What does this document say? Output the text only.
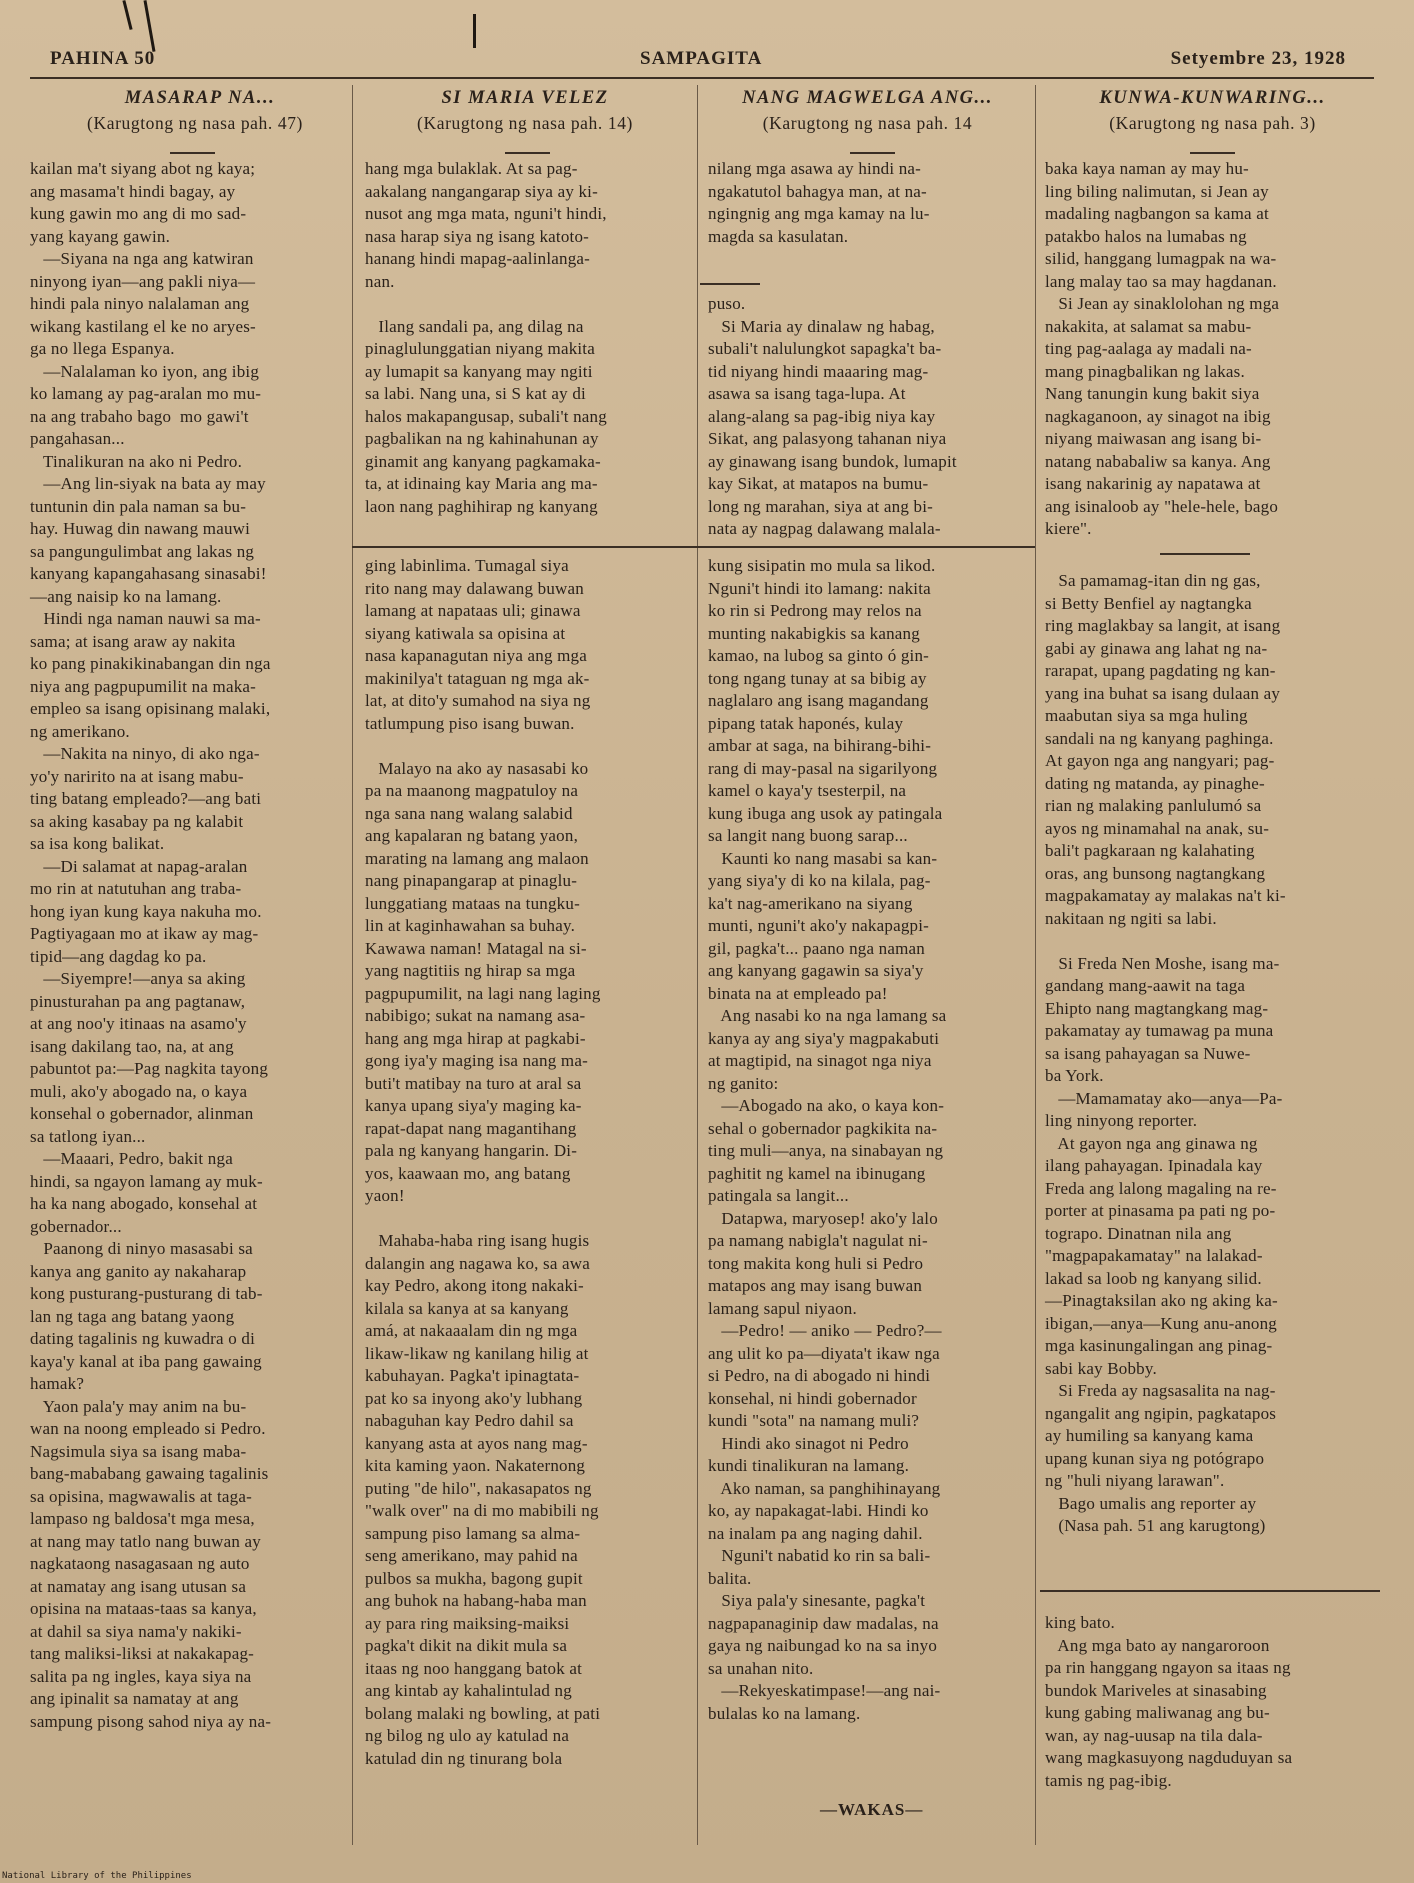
PAHINA 50	SAMPAGITA	Setyembre 23, 1928
MASARAP NA...
(Karugtong ng nasa pah. 47)
SI MARIA VELEZ
(Karugtong ng nasa pah. 14)
NANG MAGWELGA ANG...
(Karugtong ng nasa pah. 14
KUNWA-KUNWARING...
(Karugtong ng nasa pah. 3)
kailan ma't siyang abot ng kaya;
ang masama't hindi bagay, ay
kung gawin mo ang di mo sad-
yang kayang gawin.
—Siyana na nga ang katwiran
ninyong iyan—ang pakli niya—
hindi pala ninyo nalalaman ang
wikang kastilang el ke no aryes-
ga no llega Espanya.
—Nalalaman ko iyon, ang ibig
ko lamang ay pag-aralan mo mu-
na ang trabaho bago  mo gawi't
pangahasan...
Tinalikuran na ako ni Pedro.
—Ang lin-siyak na bata ay may
tuntunin din pala naman sa bu-
hay. Huwag din nawang mauwi
sa pangungulimbat ang lakas ng
kanyang kapangahasang sinasabi!
—ang naisip ko na lamang.
Hindi nga naman nauwi sa ma-
sama; at isang araw ay nakita
ko pang pinakikinabangan din nga
niya ang pagpupumilit na maka-
empleo sa isang opisinang malaki,
ng amerikano.
—Nakita na ninyo, di ako nga-
yo'y naririto na at isang mabu-
ting batang empleado?—ang bati
sa aking kasabay pa ng kalabit
sa isa kong balikat.
—Di salamat at napag-aralan
mo rin at natutuhan ang traba-
hong iyan kung kaya nakuha mo.
Pagtiyagaan mo at ikaw ay mag-
tipid—ang dagdag ko pa.
—Siyempre!—anya sa aking
pinusturahan pa ang pagtanaw,
at ang noo'y itinaas na asamo'y
isang dakilang tao, na, at ang
pabuntot pa:—Pag nagkita tayong
muli, ako'y abogado na, o kaya
konsehal o gobernador, alinman
sa tatlong iyan...
—Maaari, Pedro, bakit nga
hindi, sa ngayon lamang ay muk-
ha ka nang abogado, konsehal at
gobernador...
Paanong di ninyo masasabi sa
kanya ang ganito ay nakaharap
kong pusturang-pusturang di tab-
lan ng taga ang batang yaong
dating tagalinis ng kuwadra o di
kaya'y kanal at iba pang gawaing
hamak?
Yaon pala'y may anim na bu-
wan na noong empleado si Pedro.
Nagsimula siya sa isang maba-
bang-mababang gawaing tagalinis
sa opisina, magwawalis at taga-
lampaso ng baldosa't mga mesa,
at nang may tatlo nang buwan ay
nagkataong nasagasaan ng auto
at namatay ang isang utusan sa
opisina na mataas-taas sa kanya,
at dahil sa siya nama'y nakiki-
tang maliksi-liksi at nakakapag-
salita pa ng ingles, kaya siya na
ang ipinalit sa namatay at ang
sampung pisong sahod niya ay na-
hang mga bulaklak. At sa pag-
aakalang nangangarap siya ay ki-
nusot ang mga mata, nguni't hindi,
nasa harap siya ng isang katoto-
hanang hindi mapag-aalinlanga-
nan.

Ilang sandali pa, ang dilag na
pinaglulunggatian niyang makita
ay lumapit sa kanyang may ngiti
sa labi. Nang una, si S kat ay di
halos makapangusap, subali't nang
pagbalikan na ng kahinahunan ay
ginamit ang kanyang pagkamaka-
ta, at idinaing kay Maria ang ma-
laon nang paghihirap ng kanyang
ging labinlima. Tumagal siya
rito nang may dalawang buwan
lamang at napataas uli; ginawa
siyang katiwala sa opisina at
nasa kapanagutan niya ang mga
makinilya't tataguan ng mga ak-
lat, at dito'y sumahod na siya ng
tatlumpung piso isang buwan.

Malayo na ako ay nasasabi ko
pa na maanong magpatuloy na
nga sana nang walang salabid
ang kapalaran ng batang yaon,
marating na lamang ang malaon
nang pinapangarap at pinaglu-
lunggatiang mataas na tungku-
lin at kaginhawahan sa buhay.
Kawawa naman! Matagal na si-
yang nagtitiis ng hirap sa mga
pagpupumilit, na lagi nang laging
nabibigo; sukat na namang asa-
hang ang mga hirap at pagkabi-
gong iya'y maging isa nang ma-
buti't matibay na turo at aral sa
kanya upang siya'y maging ka-
rapat-dapat nang magantihang
pala ng kanyang hangarin. Di-
yos, kaawaan mo, ang batang
yaon!

Mahaba-haba ring isang hugis
dalangin ang nagawa ko, sa awa
kay Pedro, akong itong nakaki-
kilala sa kanya at sa kanyang
amá, at nakaaalam din ng mga
likaw-likaw ng kanilang hilig at
kabuhayan. Pagka't ipinagtata-
pat ko sa inyong ako'y lubhang
nabaguhan kay Pedro dahil sa
kanyang asta at ayos nang mag-
kita kaming yaon. Nakaternong
puting "de hilo", nakasapatos ng
"walk over" na di mo mabibili ng
sampung piso lamang sa alma-
seng amerikano, may pahid na
pulbos sa mukha, bagong gupit
ang buhok na habang-haba man
ay para ring maiksing-maiksi
pagka't dikit na dikit mula sa
itaas ng noo hanggang batok at
ang kintab ay kahalintulad ng
bolang malaki ng bowling, at pati
ng bilog ng ulo ay katulad na
katulad din ng tinurang bola
nilang mga asawa ay hindi na-
ngakatutol bahagya man, at na-
ngingnig ang mga kamay na lu-
magda sa kasulatan.

puso.
Si Maria ay dinalaw ng habag,
subali't nalulungkot sapagka't ba-
tid niyang hindi maaaring mag-
asawa sa isang taga-lupa. At
alang-alang sa pag-ibig niya kay
Sikat, ang palasyong tahanan niya
ay ginawang isang bundok, lumapit
kay Sikat, at matapos na bumu-
long ng marahan, siya at ang bi-
nata ay nagpag dalawang malala-
kung sisipatin mo mula sa likod.
Nguni't hindi ito lamang: nakita
ko rin si Pedrong may relos na
munting nakabigkis sa kanang
kamao, na lubog sa ginto ó gin-
tong ngang tunay at sa bibig ay
naglalaro ang isang magandang
pipang tatak haponés, kulay
ambar at saga, na bihirang-bihi-
rang di may-pasal na sigarilyong
kamel o kaya'y tsesterpil, na
kung ibuga ang usok ay patingala
sa langit nang buong sarap...
Kaunti ko nang masabi sa kan-
yang siya'y di ko na kilala, pag-
ka't nag-amerikano na siyang
munti, nguni't ako'y nakapagpi-
gil, pagka't... paano nga naman
ang kanyang gagawin sa siya'y
binata na at empleado pa!
Ang nasabi ko na nga lamang sa
kanya ay ang siya'y magpakabuti
at magtipid, na sinagot nga niya
ng ganito:
—Abogado na ako, o kaya kon-
sehal o gobernador pagkikita na-
ting muli—anya, na sinabayan ng
paghitit ng kamel na ibinugang
patingala sa langit...
Datapwa, maryosep! ako'y lalo
pa namang nabigla't nagulat ni-
tong makita kong huli si Pedro
matapos ang may isang buwan
lamang sapul niyaon.
—Pedro! — aniko — Pedro?—
ang ulit ko pa—diyata't ikaw nga
si Pedro, na di abogado ni hindi
konsehal, ni hindi gobernador
kundi "sota" na namang muli?
Hindi ako sinagot ni Pedro
kundi tinalikuran na lamang.
Ako naman, sa panghihinayang
ko, ay napakagat-labi. Hindi ko
na inalam pa ang naging dahil.
Nguni't nabatid ko rin sa bali-
balita.
Siya pala'y sinesante, pagka't
nagpapanaginip daw madalas, na
gaya ng naibungad ko na sa inyo
sa unahan nito.
—Rekyeskatimpase!—ang nai-
bulalas ko na lamang.
—WAKAS—
baka kaya naman ay may hu-
ling biling nalimutan, si Jean ay
madaling nagbangon sa kama at
patakbo halos na lumabas ng
silid, hanggang lumagpak na wa-
lang malay tao sa may hagdanan.
Si Jean ay sinaklolohan ng mga
nakakita, at salamat sa mabu-
ting pag-aalaga ay madali na-
mang pinagbalikan ng lakas.
Nang tanungin kung bakit siya
nagkaganoon, ay sinagot na ibig
niyang maiwasan ang isang bi-
natang nababaliw sa kanya. Ang
isang nakarinig ay napatawa at
ang isinaloob ay "hele-hele, bago
kiere".
Sa pamamag-itan din ng gas,
si Betty Benfiel ay nagtangka
ring maglakbay sa langit, at isang
gabi ay ginawa ang lahat ng na-
rarapat, upang pagdating ng kan-
yang ina buhat sa isang dulaan ay
maabutan siya sa mga huling
sandali na ng kanyang paghinga.
At gayon nga ang nangyari; pag-
dating ng matanda, ay pinaghe-
rian ng malaking panlulumó sa
ayos ng minamahal na anak, su-
bali't pagkaraan ng kalahating
oras, ang bunsong nagtangkang
magpakamatay ay malakas na't ki-
nakitaan ng ngiti sa labi.

Si Freda Nen Moshe, isang ma-
gandang mang-aawit na taga
Ehipto nang magtangkang mag-
pakamatay ay tumawag pa muna
sa isang pahayagan sa Nuwe-
ba York.
—Mamamatay ako—anya—Pa-
ling ninyong reporter.
At gayon nga ang ginawa ng
ilang pahayagan. Ipinadala kay
Freda ang lalong magaling na re-
porter at pinasama pa pati ng po-
tograpo. Dinatnan nila ang
"magpapakamatay" na lalakad-
lakad sa loob ng kanyang silid.
—Pinagtaksilan ako ng aking ka-
ibigan,—anya—Kung anu-anong
mga kasinungalingan ang pinag-
sabi kay Bobby.
Si Freda ay nagsasalita na nag-
ngangalit ang ngipin, pagkatapos
ay humiling sa kanyang kama
upang kunan siya ng potógrapo
ng "huli niyang larawan".
Bago umalis ang reporter ay
(Nasa pah. 51 ang karugtong)
king bato.
Ang mga bato ay nangaroroon
pa rin hanggang ngayon sa itaas ng
bundok Mariveles at sinasabing
kung gabing maliwanag ang bu-
wan, ay nag-uusap na tila dala-
wang magkasuyong nagduduyan sa
tamis ng pag-ibig.
National Library of the Philippines
